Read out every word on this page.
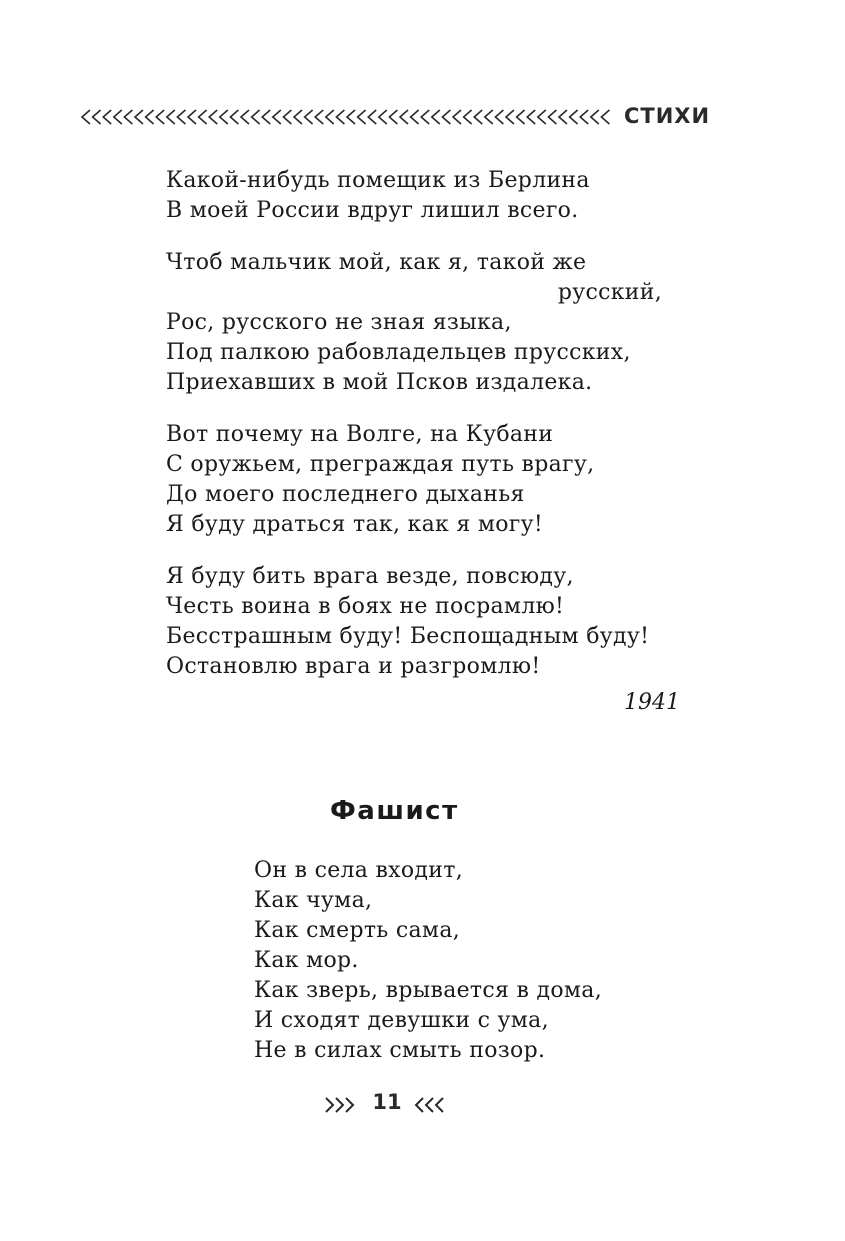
СТИХИ
Какой-нибудь помещик из Берлина
В моей России вдруг лишил всего.
Чтоб мальчик мой, как я, такой же
русский,
Рос, русского не зная языка,
Под палкою рабовладельцев прусских,
Приехавших в мой Псков издалека.
Вот почему на Волге, на Кубани
С оружьем, преграждая путь врагу,
До моего последнего дыханья
Я буду драться так, как я могу!
Я буду бить врага везде, повсюду,
Честь воина в боях не посрамлю!
Бесстрашным буду! Беспощадным буду!
Остановлю врага и разгромлю!
1941
Фашист
Он в села входит,
Как чума,
Как смерть сама,
Как мор.
Как зверь, врывается в дома,
И сходят девушки с ума,
Не в силах смыть позор.
11
